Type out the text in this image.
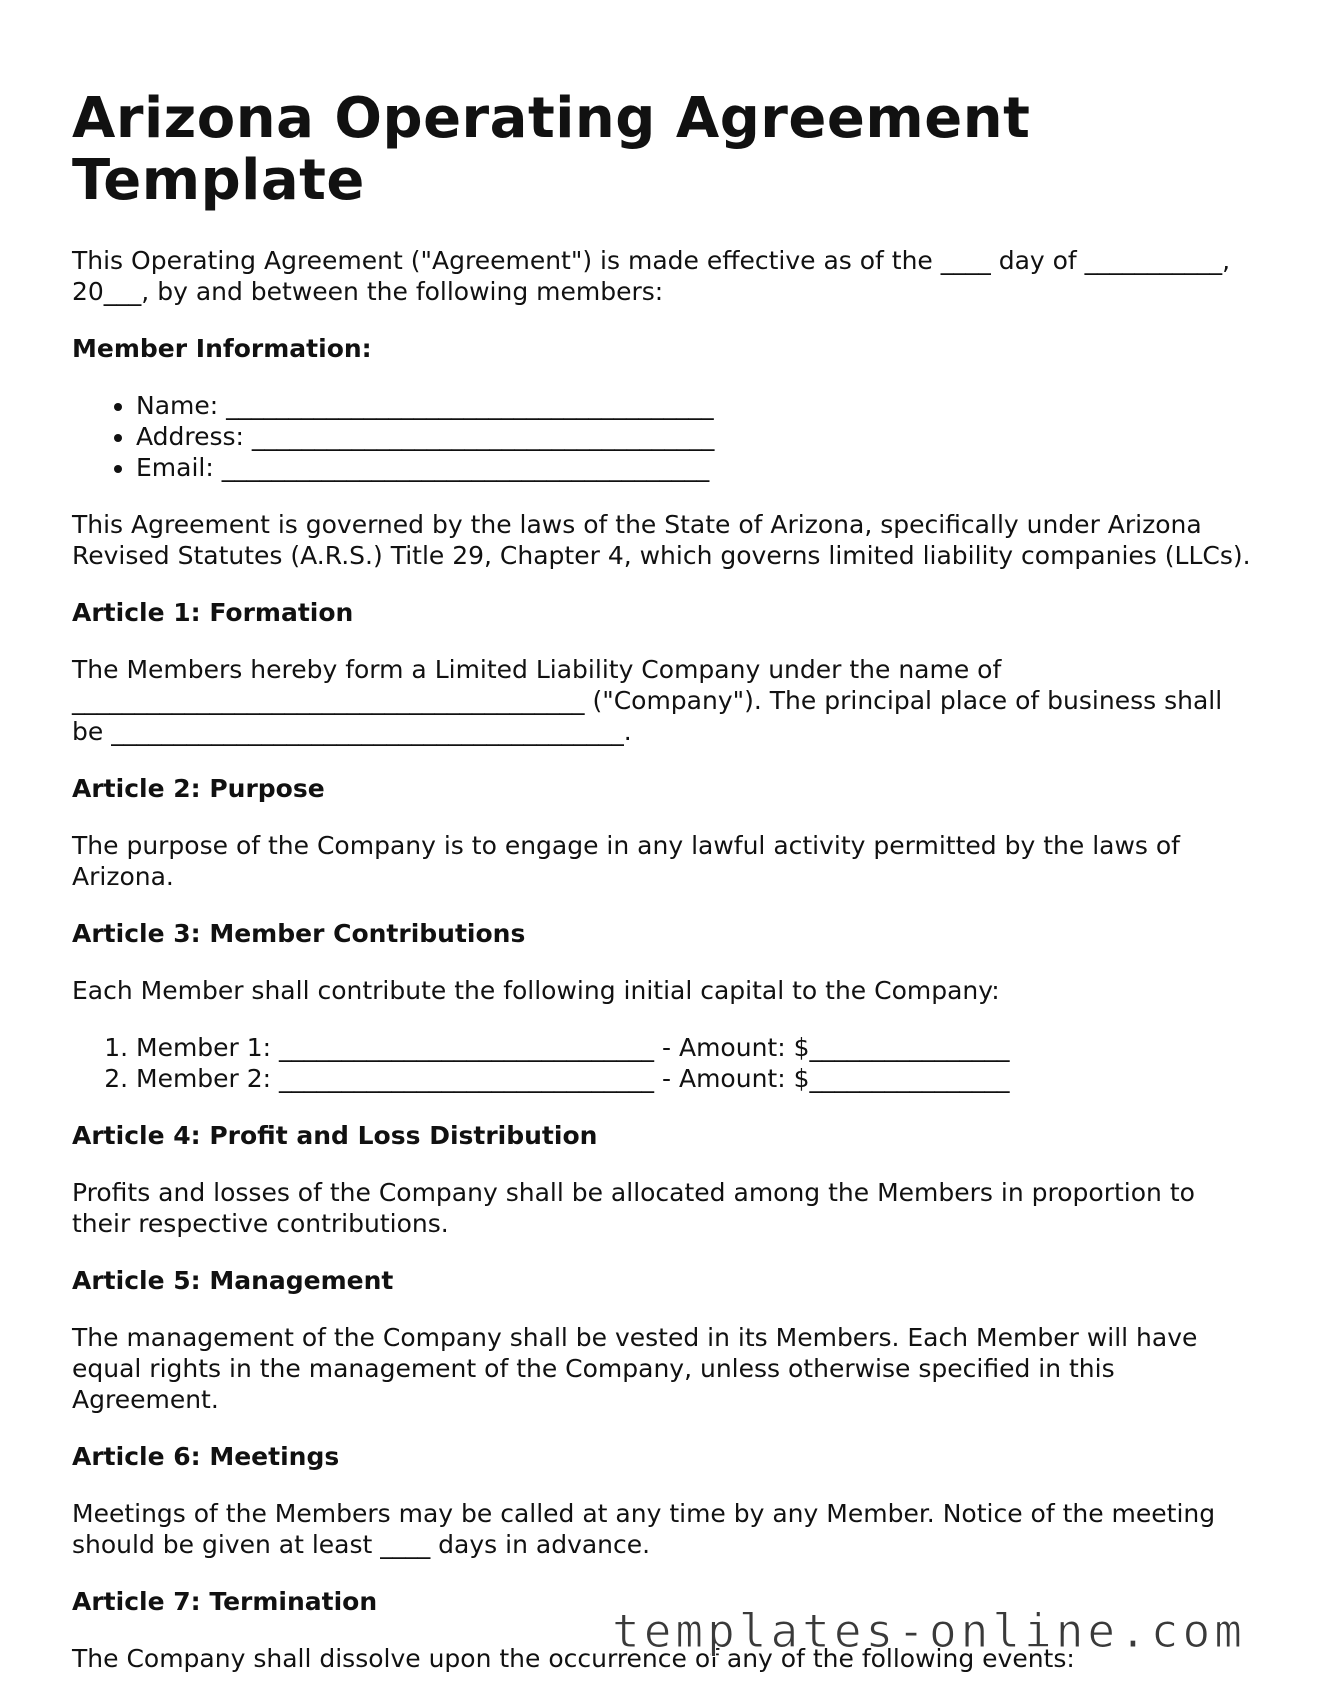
Arizona Operating Agreement Template

This Operating Agreement ("Agreement") is made effective as of the ____ day of ___________, 20___, by and between the following members:

Member Information:
• Name: _______________________________________
• Address: _____________________________________
• Email: _______________________________________

This Agreement is governed by the laws of the State of Arizona, specifically under Arizona Revised Statutes (A.R.S.) Title 29, Chapter 4, which governs limited liability companies (LLCs).

Article 1: Formation

The Members hereby form a Limited Liability Company under the name of _________________________________________ ("Company"). The principal place of business shall be _________________________________________.

Article 2: Purpose

The purpose of the Company is to engage in any lawful activity permitted by the laws of Arizona.

Article 3: Member Contributions

Each Member shall contribute the following initial capital to the Company:

1. Member 1: ______________________________ - Amount: $________________
2. Member 2: ______________________________ - Amount: $________________
Article 4: Profit and Loss Distribution

Profits and losses of the Company shall be allocated among the Members in proportion to their respective contributions.

Article 5: Management

The management of the Company shall be vested in its Members. Each Member will have equal rights in the management of the Company, unless otherwise specified in this Agreement.

Article 6: Meetings

Meetings of the Members may be called at any time by any Member. Notice of the meeting should be given at least ____ days in advance.

Article 7: Termination

The Company shall dissolve upon the occurrence of any of the following events:

templates-online.com
